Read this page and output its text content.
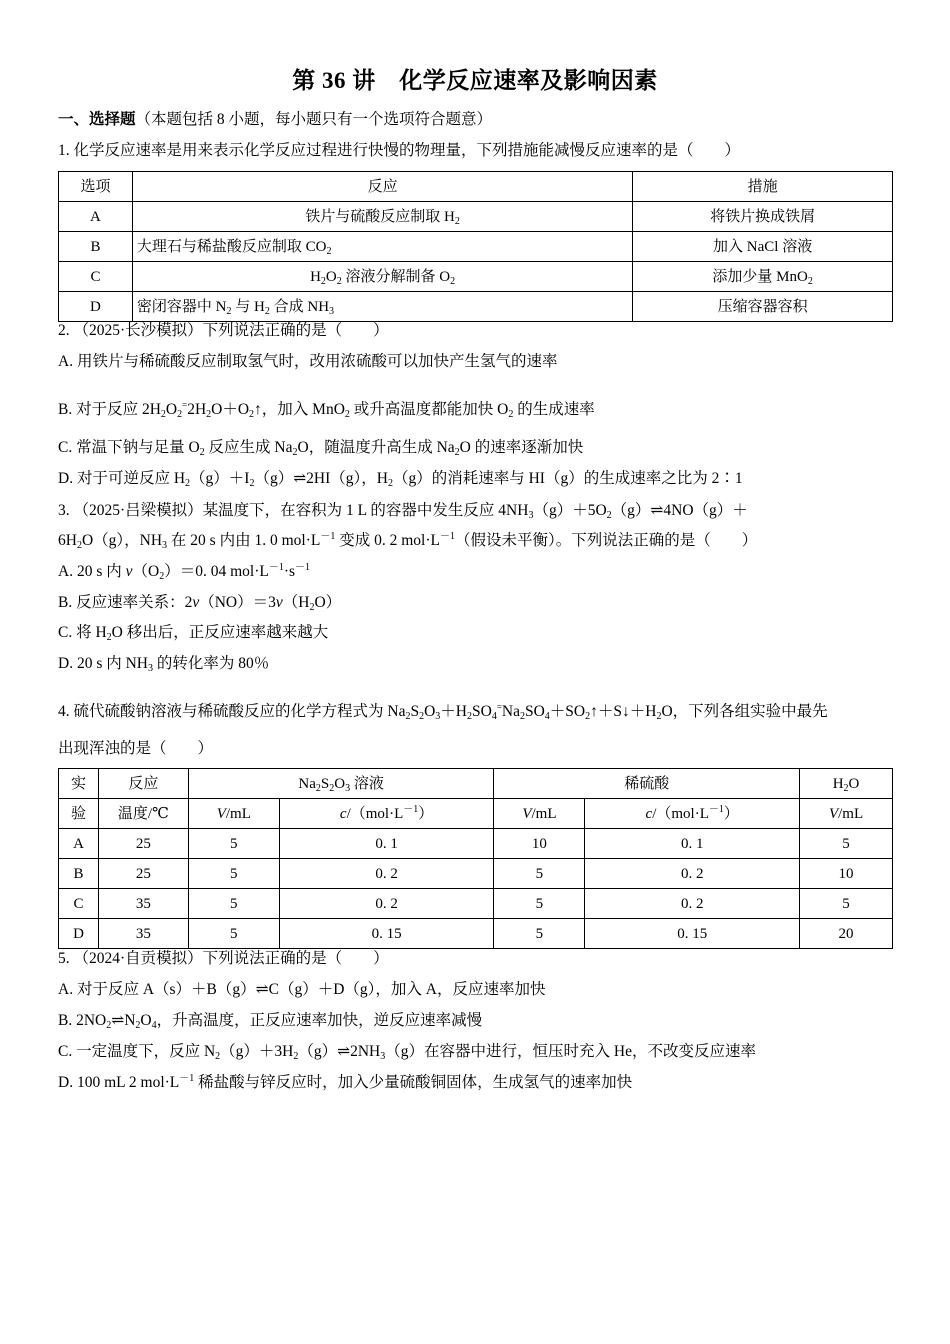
第 36 讲　化学反应速率及影响因素
一、选择题（本题包括 8 小题，每小题只有一个选项符合题意）
1. 化学反应速率是用来表示化学反应过程进行快慢的物理量，下列措施能减慢反应速率的是（　　）
选项	反应	措施
A	铁片与硫酸反应制取 $H_2$	将铁片换成铁屑
B	大理石与稀盐酸反应制取 $CO_2$	加入 NaCl 溶液
C	$H_2O_2$ 溶液分解制备 $O_2$	添加少量 MnO$_2$
D	密闭容器中 $N_2$ 与 $H_2$ 合成 $NH_3$	压缩容器容积
2. （2025·长沙模拟）下列说法正确的是（　　）
A. 用铁片与稀硫酸反应制取氢气时，改用浓硫酸可以加快产生氢气的速率
B. 对于反应 $2H_2O_2^=2H_2O+O_2↑$，加入 MnO$_2$ 或升高温度都能加快 $O_2$ 的生成速率
C. 常温下钠与足量 $O_2$ 反应生成 $Na_2O$，随温度升高生成 $Na_2O$ 的速率逐渐加快
D. 对于可逆反应 $H_2(g)+I_2(g)\rightleftharpoons 2HI(g)$，$H_2(g)$的消耗速率与 HI（g）的生成速率之比为 2∶1
3. （2025·吕梁模拟）某温度下，在容积为 1 L 的容器中发生反应 $4NH_3(g)+5O_2(g)\rightleftharpoons 4NO(g)+$
$6H_2O(g)$，$NH_3$ 在 20 s 内由 1. 0 $mol\cdot L^{-1}$ 变成 0. 2 $mol\cdot L^{-1}$（假设未平衡）。下列说法正确的是（　　）
A. 20 s 内 $v(O_2)=0$. 04 $mol\cdot L^{-1}\cdot s^{-1}$
B. 反应速率关系：$2v(NO)=3v(H_2O)$
C. 将 $H_2O$ 移出后，正反应速率越来越大
D. 20 s 内 $NH_3$ 的转化率为 80％
4. 硫代硫酸钠溶液与稀硫酸反应的化学方程式为 $Na_2S_2O_3+H_2SO_4^=Na_2SO_4+SO_2↑+S↓+H_2O$，下列各组实验中最先
出现浑浊的是（　　）
实	反应	$Na_2S_2O_3$ 溶液		稀硫酸		$H_2O$
验	温度/℃	V/mL	$c/(mol\cdot L^{-1})$	V/mL	$c/(mol\cdot L^{-1})$	V/mL
A	25	5	0. 1	10	0. 1	5
B	25	5	0. 2	5	0. 2	10
C	35	5	0. 2	5	0. 2	5
D	35	5	0. 15	5	0. 15	20
5. （2024·自贡模拟）下列说法正确的是（　　）
A. 对于反应 A（s）＋B（g）⇌C（g）＋D（g），加入 A，反应速率加快
B. $2NO_2\rightleftharpoons N_2O_4$，升高温度，正反应速率加快，逆反应速率减慢
C. 一定温度下，反应 $N_2(g)+3H_2(g)\rightleftharpoons 2NH_3(g)$在容器中进行，恒压时充入 He，不改变反应速率
D. 100 mL 2 $mol\cdot L^{-1}$ 稀盐酸与锌反应时，加入少量硫酸铜固体，生成氢气的速率加快
